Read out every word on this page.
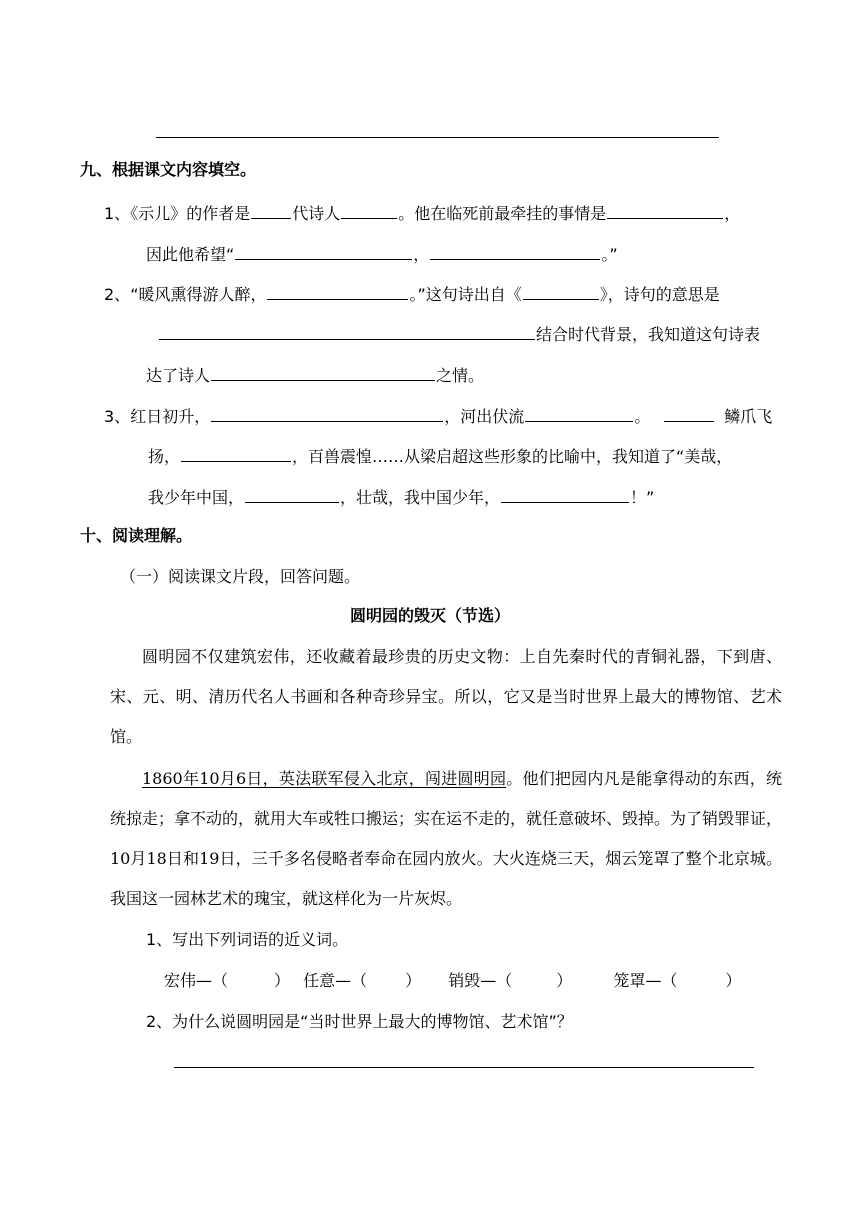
九、根据课文内容填空。
1、《示儿》的作者是	代诗人	。他在临死前最牵挂的事情是	，
因此他希望“	，	。”
2、“暖风熏得游人醉，	。”这句诗出自《	》，诗句的意思是
结合时代背景，我知道这句诗表
达了诗人	之情。
3、红日初升，	，河出伏流	。	鳞爪飞
扬，	，百兽震惶……从梁启超这些形象的比喻中，我知道了“美哉，
我少年中国，	，壮哉，我中国少年，	！”
十、阅读理解。
（一）阅读课文片段，回答问题。
圆明园的毁灭（节选）
圆明园不仅建筑宏伟，还收藏着最珍贵的历史文物：上自先秦时代的青铜礼器，下到唐、宋、元、明、清历代名人书画和各种奇珍异宝。所以，它又是当时世界上最大的博物馆、艺术馆。
1860年10月6日，英法联军侵入北京，闯进圆明园。他们把园内凡是能拿得动的东西，统统掠走；拿不动的，就用大车或牲口搬运；实在运不走的，就任意破坏、毁掉。为了销毁罪证，10月18日和19日，三千多名侵略者奉命在园内放火。大火连烧三天，烟云笼罩了整个北京城。我国这一园林艺术的瑰宝，就这样化为一片灰烬。
1、写出下列词语的近义词。
宏伟—（	） 任意—（ ） 销毁—（	）	笼罩—（	）
2、为什么说圆明园是“当时世界上最大的博物馆、艺术馆”？
